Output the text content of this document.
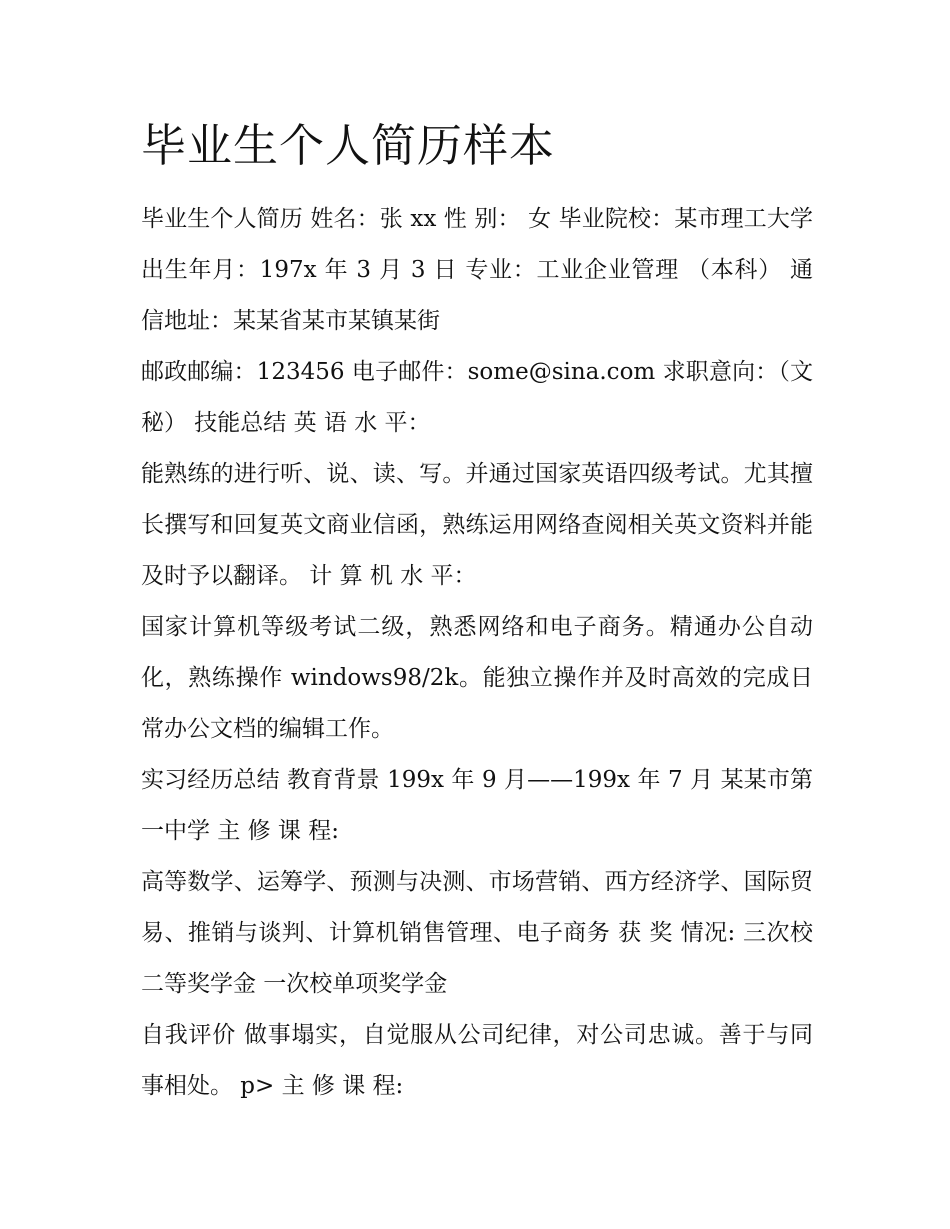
毕业生个人简历样本

毕业生个人简历 姓名：张 xx 性 别： 女 毕业院校：某市理工大学 出生年月：197x 年 3 月 3 日 专业：工业企业管理 （本科） 通信地址：某某省某市某镇某街

邮政邮编：123456 电子邮件：some@sina.com 求职意向：（文秘） 技能总结 英 语 水 平：

能熟练的进行听、说、读、写。并通过国家英语四级考试。尤其擅长撰写和回复英文商业信函，熟练运用网络查阅相关英文资料并能及时予以翻译。 计 算 机 水 平：

国家计算机等级考试二级，熟悉网络和电子商务。精通办公自动化，熟练操作 windows98/2k。能独立操作并及时高效的完成日常办公文档的编辑工作。

实习经历总结 教育背景 199x 年 9 月——199x 年 7 月 某某市第一中学 主 修 课 程:

高等数学、运筹学、预测与决测、市场营销、西方经济学、国际贸易、推销与谈判、计算机销售管理、电子商务 获 奖 情况: 三次校二等奖学金 一次校单项奖学金

自我评价 做事塌实，自觉服从公司纪律，对公司忠诚。善于与同事相处。 p> 主 修 课 程:
